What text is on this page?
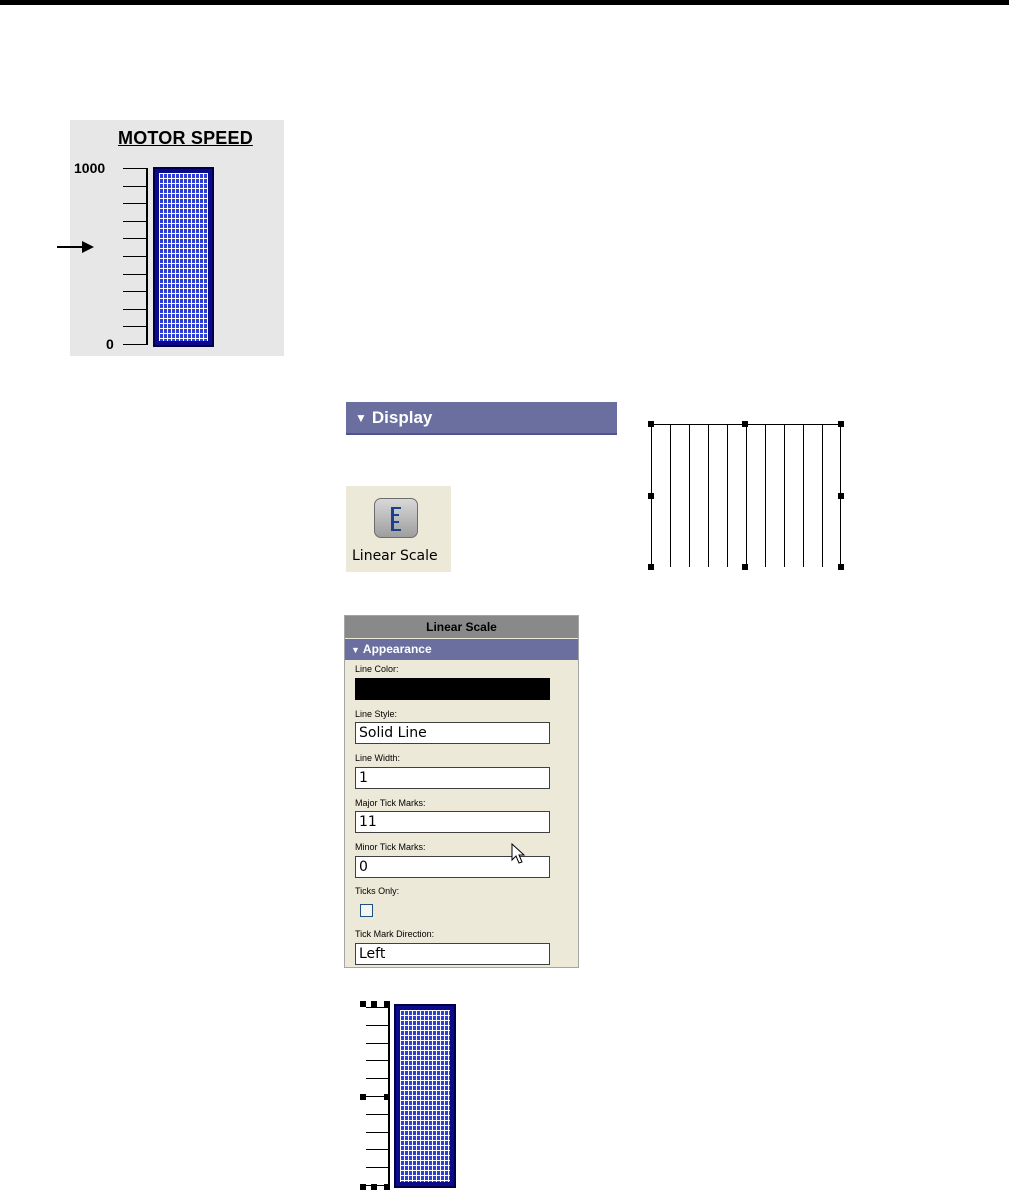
MOTOR SPEED
1000
0
▼ Display
Linear Scale
Linear Scale
▼ Appearance
Line Color:
Line Style:
Solid Line
Line Width:
1
Major Tick Marks:
11
Minor Tick Marks:
0
Ticks Only:
Tick Mark Direction:
Left
